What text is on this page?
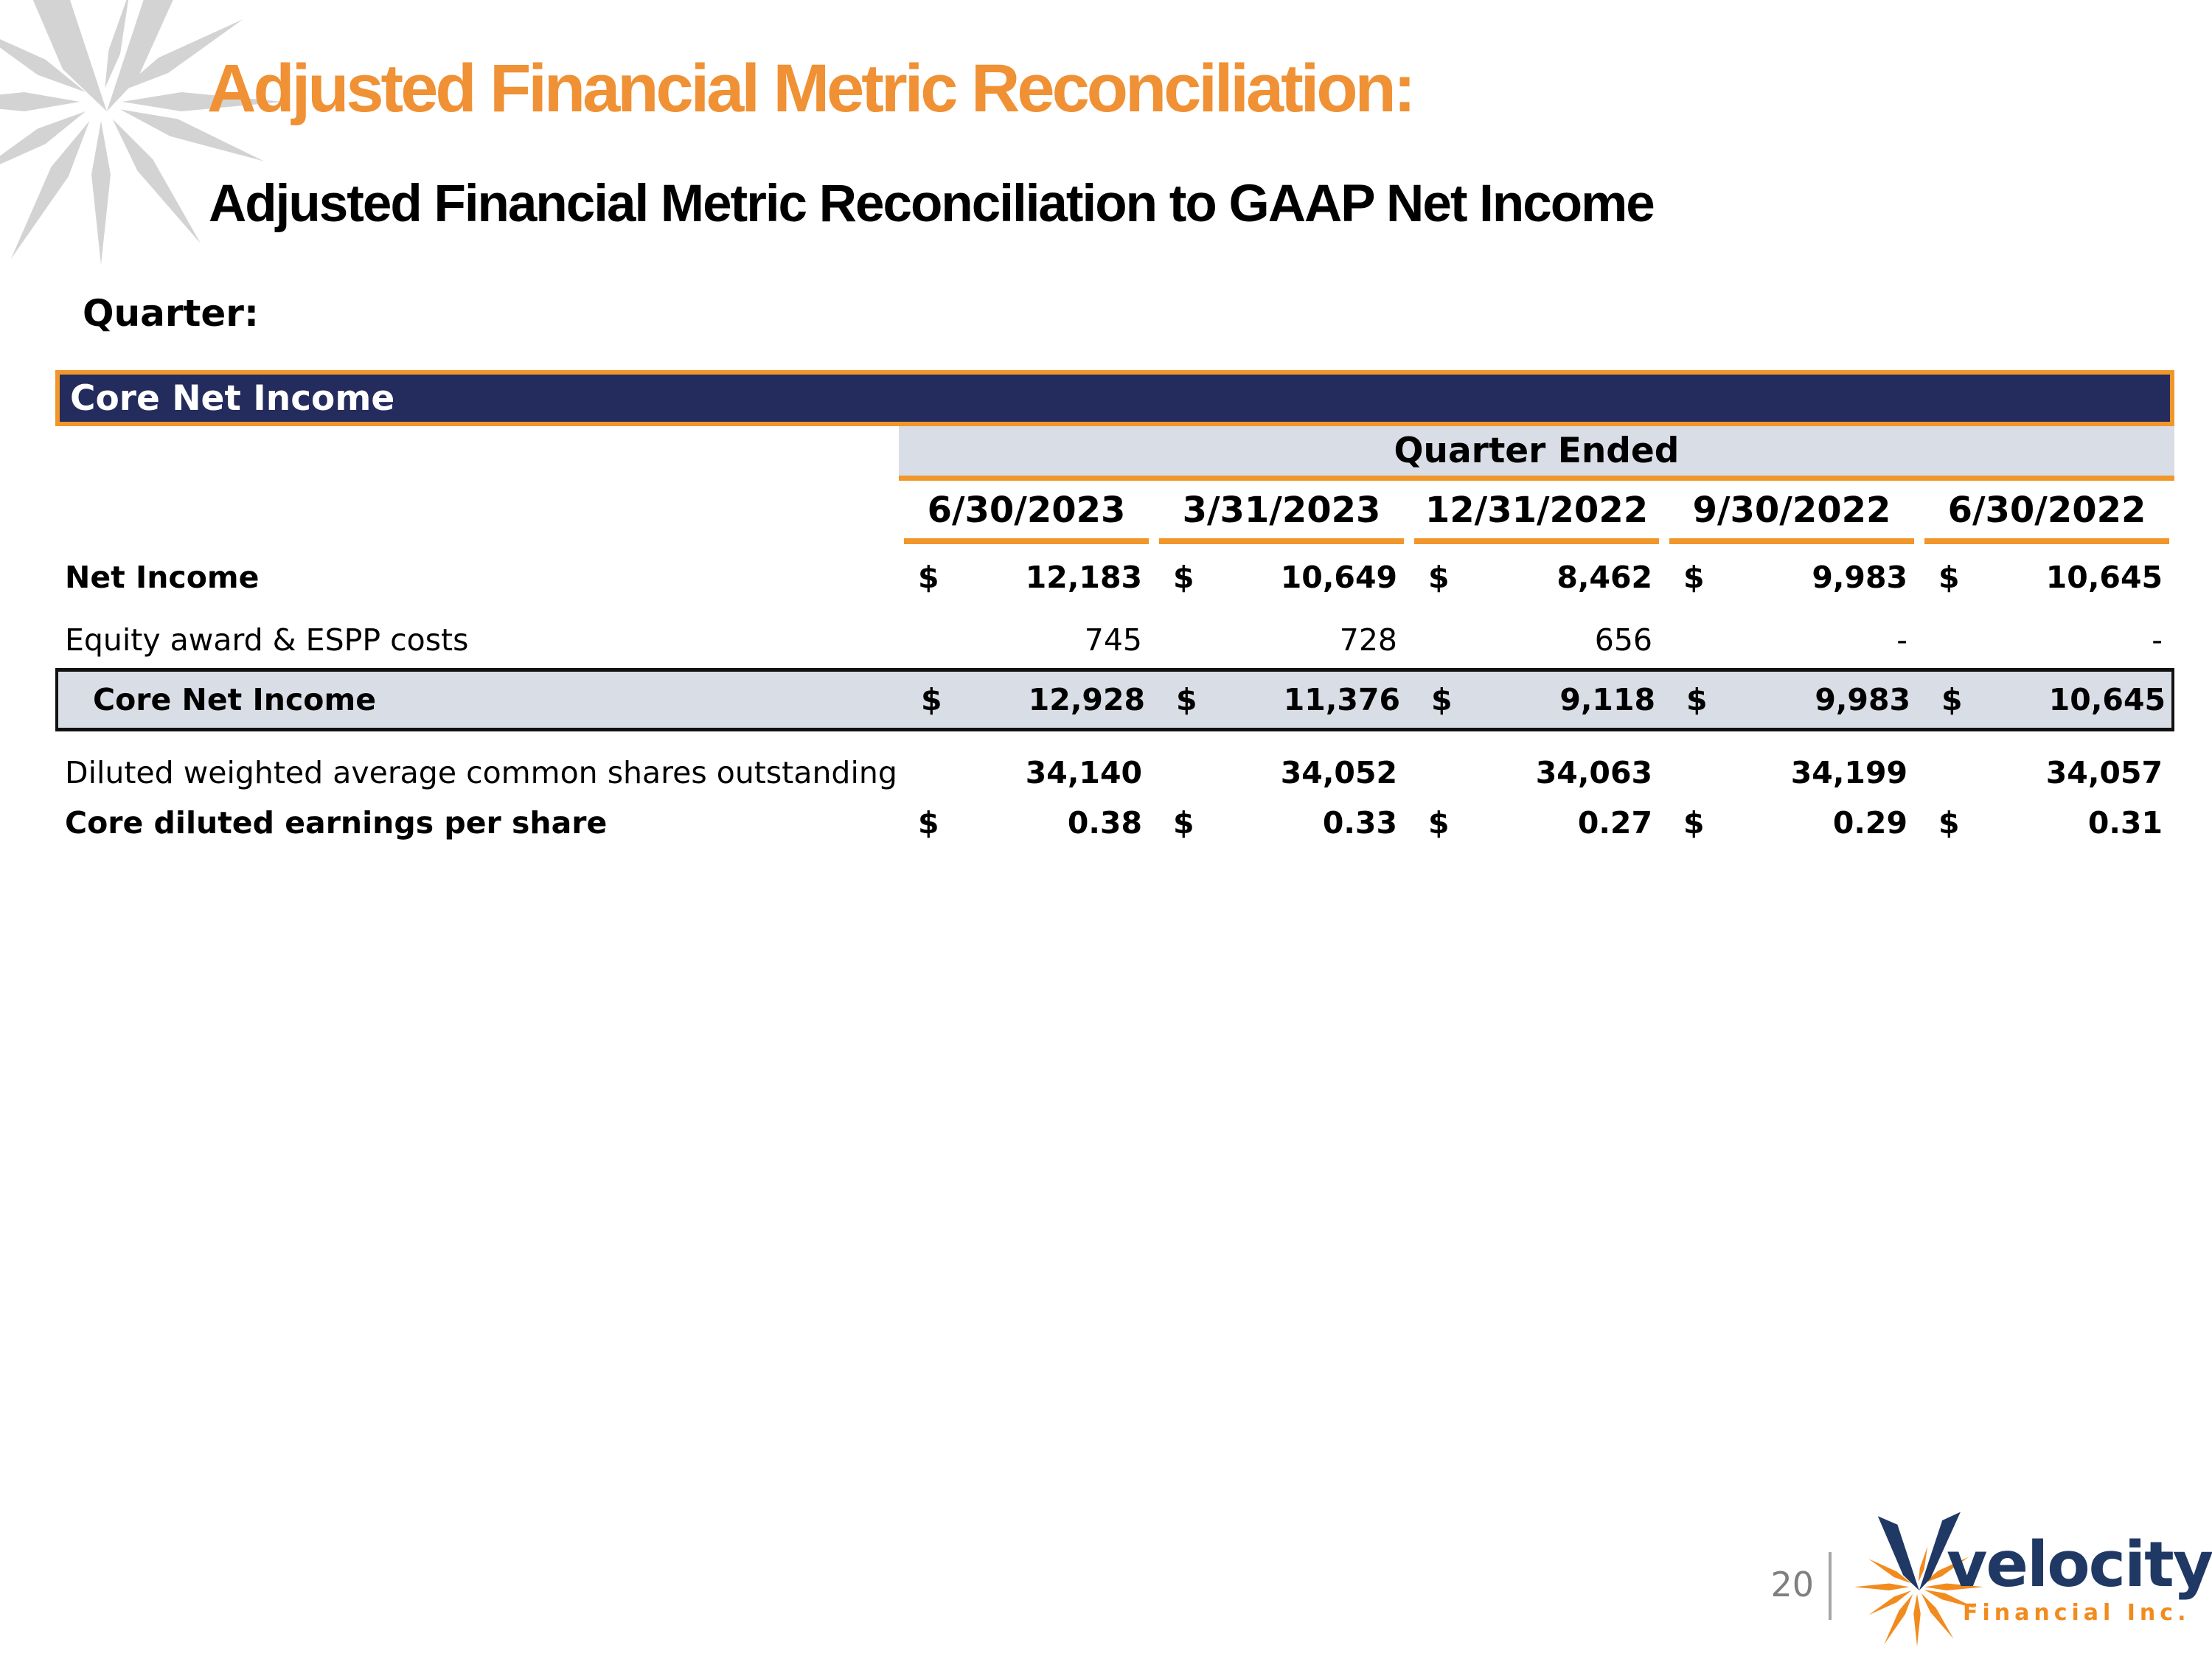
Adjusted Financial Metric Reconciliation:
Adjusted Financial Metric Reconciliation to GAAP Net Income
Quarter:
Core Net Income
Quarter Ended
6/30/2023	3/31/2023	12/31/2022	9/30/2022	6/30/2022
Net Income	$	12,183	$	10,649	$	8,462	$	9,983	$	10,645
Equity award & ESPP costs	745	728	656	-	-
Core Net Income	$	12,928	$	11,376	$	9,118	$	9,983	$	10,645
Diluted weighted average common shares outstanding	34,140	34,052	34,063	34,199	34,057
Core diluted earnings per share	$	0.38	$	0.33	$	0.27	$	0.29	$	0.31
20 velocity
Financial Inc.
